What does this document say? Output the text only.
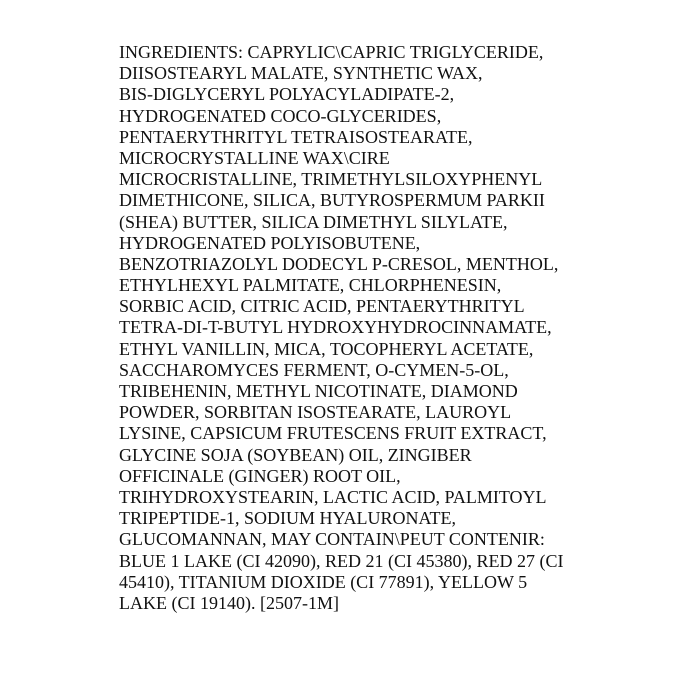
INGREDIENTS: CAPRYLIC\CAPRIC TRIGLYCERIDE,
DIISOSTEARYL MALATE, SYNTHETIC WAX,
BIS-DIGLYCERYL POLYACYLADIPATE-2,
HYDROGENATED COCO-GLYCERIDES,
PENTAERYTHRITYL TETRAISOSTEARATE,
MICROCRYSTALLINE WAX\CIRE
MICROCRISTALLINE, TRIMETHYLSILOXYPHENYL
DIMETHICONE, SILICA, BUTYROSPERMUM PARKII
(SHEA) BUTTER, SILICA DIMETHYL SILYLATE,
HYDROGENATED POLYISOBUTENE,
BENZOTRIAZOLYL DODECYL P-CRESOL, MENTHOL,
ETHYLHEXYL PALMITATE, CHLORPHENESIN,
SORBIC ACID, CITRIC ACID, PENTAERYTHRITYL
TETRA-DI-T-BUTYL HYDROXYHYDROCINNAMATE,
ETHYL VANILLIN, MICA, TOCOPHERYL ACETATE,
SACCHAROMYCES FERMENT, O-CYMEN-5-OL,
TRIBEHENIN, METHYL NICOTINATE, DIAMOND
POWDER, SORBITAN ISOSTEARATE, LAUROYL
LYSINE, CAPSICUM FRUTESCENS FRUIT EXTRACT,
GLYCINE SOJA (SOYBEAN) OIL, ZINGIBER
OFFICINALE (GINGER) ROOT OIL,
TRIHYDROXYSTEARIN, LACTIC ACID, PALMITOYL
TRIPEPTIDE-1, SODIUM HYALURONATE,
GLUCOMANNAN, MAY CONTAIN\PEUT CONTENIR:
BLUE 1 LAKE (CI 42090), RED 21 (CI 45380), RED 27 (CI
45410), TITANIUM DIOXIDE (CI 77891), YELLOW 5
LAKE (CI 19140). [2507-1M]
